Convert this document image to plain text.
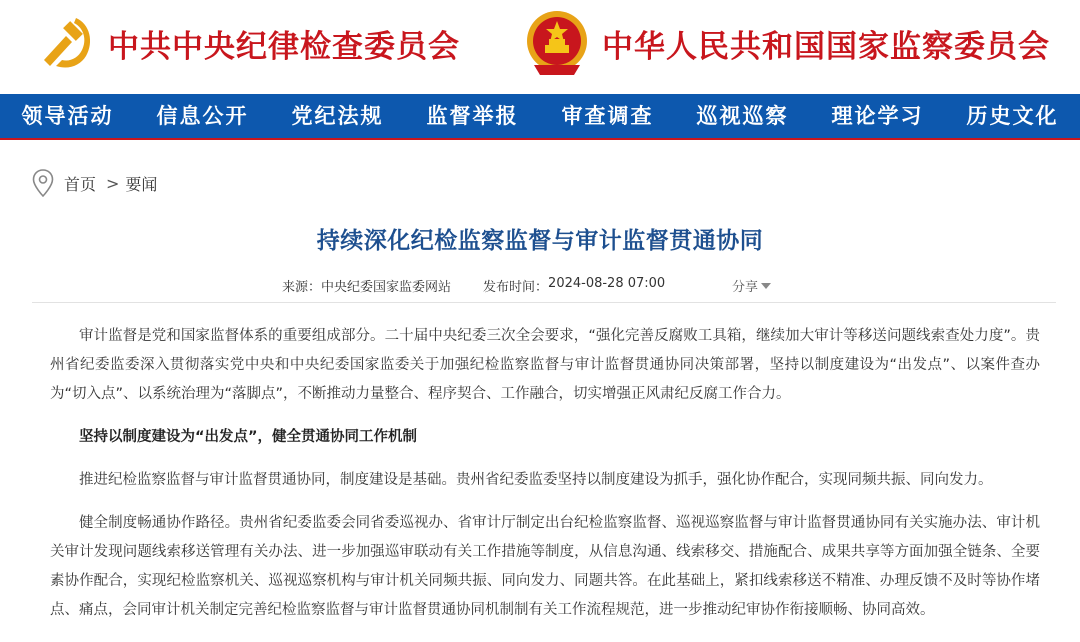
中共中央纪律检查委员会	中华人民共和国国家监察委员会
领导活动	信息公开	党纪法规	监督举报	审查调查	巡视巡察	理论学习	历史文化
首页 > 要闻
持续深化纪检监察监督与审计监督贯通协同
来源： 中央纪委国家监委网站 发布时间： 2024-08-28 07:00	分享

审计监督是党和国家监督体系的重要组成部分。二十届中央纪委三次全会要求，“强化完善反腐败工具箱，继续加大审计等移送问题线索查处力度”。贵州省纪委监委深入贯彻落实党中央和中央纪委国家监委关于加强纪检监察监督与审计监督贯通协同决策部署，坚持以制度建设为“出发点”、以案件查办为“切入点”、以系统治理为“落脚点”，不断推动力量整合、程序契合、工作融合，切实增强正风肃纪反腐工作合力。

坚持以制度建设为“出发点”，健全贯通协同工作机制

推进纪检监察监督与审计监督贯通协同，制度建设是基础。贵州省纪委监委坚持以制度建设为抓手，强化协作配合，实现同频共振、同向发力。

健全制度畅通协作路径。贵州省纪委监委会同省委巡视办、省审计厅制定出台纪检监察监督、巡视巡察监督与审计监督贯通协同有关实施办法、审计机关审计发现问题线索移送管理有关办法、进一步加强巡审联动有关工作措施等制度，从信息沟通、线索移交、措施配合、成果共享等方面加强全链条、全要素协作配合，实现纪检监察机关、巡视巡察机构与审计机关同频共振、同向发力、同题共答。在此基础上，紧扣线索移送不精准、办理反馈不及时等协作堵点、痛点，会同审计机关制定完善纪检监察监督与审计监督贯通协同机制制有关工作流程规范，进一步推动纪审协作衔接顺畅、协同高效。
